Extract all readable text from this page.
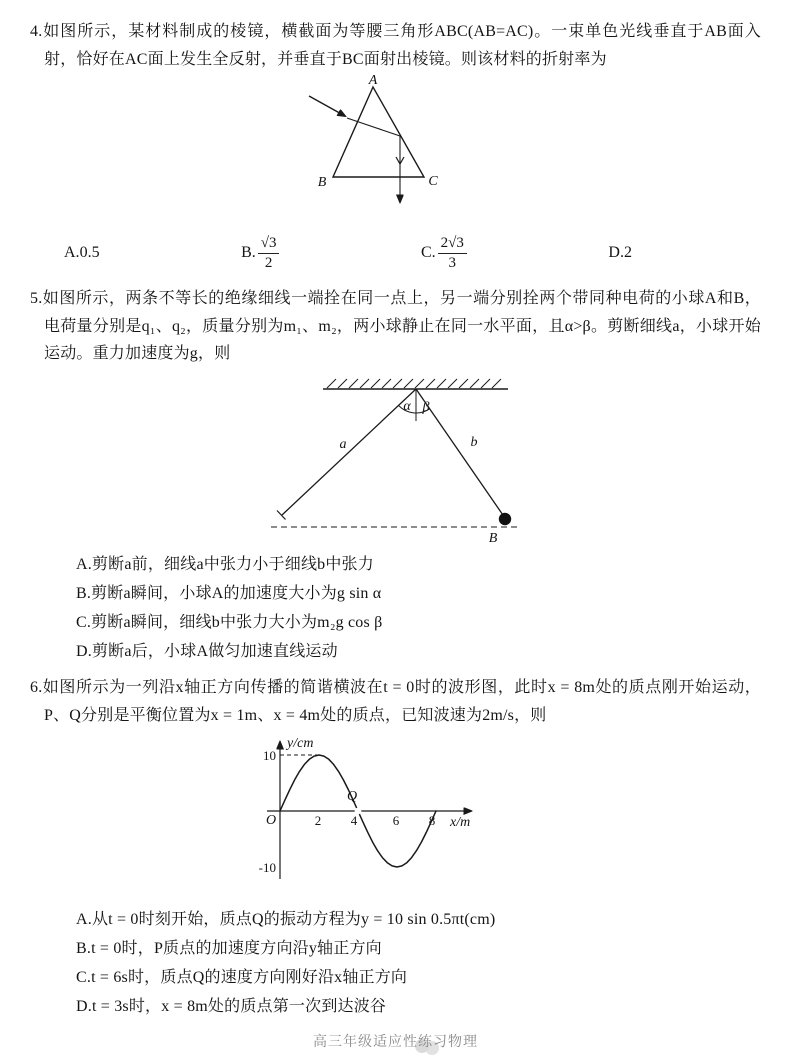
4.如图所示，某材料制成的棱镜，横截面为等腰三角形ABC(AB=AC)。一束单色光线垂直于AB面入射，恰好在AC面上发生全反射，并垂直于BC面射出棱镜。则该材料的折射率为

A
B	C
A.0.5	B. $\frac{√3}{2}$	C. $\frac{2√3}{3}$	D.2

5.如图所示，两条不等长的绝缘细线一端拴在同一点上，另一端分别拴两个带同种电荷的小球A和B，电荷量分别是q₁、q₂，质量分别为m₁、m₂，两小球静止在同一水平面，且α>β。剪断细线a，小球开始运动。重力加速度为g，则

α β
a	b
B
A.剪断a前，细线a中张力小于细线b中张力
B.剪断a瞬间，小球A的加速度大小为g sin α
C.剪断a瞬间，细线b中张力大小为m₂g cos β
D.剪断a后，小球A做匀加速直线运动

6.如图所示为一列沿x轴正方向传播的简谐横波在t = 0时的波形图，此时x = 8m处的质点刚开始运动，P、Q分别是平衡位置为x = 1m、x = 4m处的质点，已知波速为2m/s，则

y/cm
x/m
O
10
-10
2 4	6 8
Q
A.从t = 0时刻开始，质点Q的振动方程为y = 10 sin 0.5πt(cm)
B.t = 0时，P质点的加速度方向沿y轴正方向
C.t = 6s时，质点Q的速度方向刚好沿x轴正方向
D.t = 3s时，x = 8m处的质点第一次到达波谷
高三年级适应性练习物理
